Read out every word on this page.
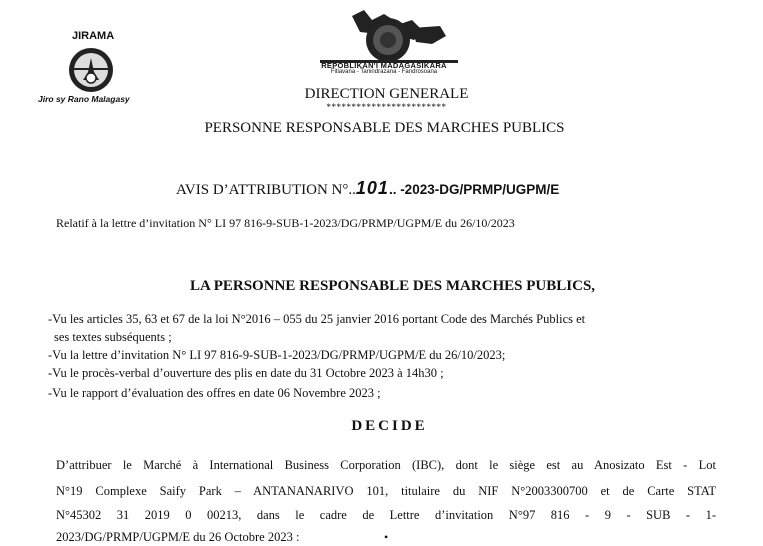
JIRAMA
Jiro sy Rano Malagasy
REPOBLIKAN'I MADAGASIKARA
Fitiavana - Tanindrazana - Fandrosoana
DIRECTION GENERALE
************************
PERSONNE RESPONSABLE DES MARCHES PUBLICS
AVIS D’ATTRIBUTION N°..101.. -2023-DG/PRMP/UGPM/E
Relatif à la lettre d’invitation N° LI 97 816-9-SUB-1-2023/DG/PRMP/UGPM/E du 26/10/2023
LA PERSONNE RESPONSABLE DES MARCHES PUBLICS,
-Vu les articles 35, 63 et 67 de la loi N°2016 – 055 du 25 janvier 2016 portant Code des Marchés Publics et
ses textes subséquents ;
-Vu la lettre d’invitation N° LI 97 816-9-SUB-1-2023/DG/PRMP/UGPM/E du 26/10/2023;
-Vu le procès-verbal d’ouverture des plis en date du 31 Octobre 2023 à 14h30 ;
-Vu le rapport d’évaluation des offres en date 06 Novembre 2023 ;
DECIDE
D’attribuer le Marché à International Business Corporation (IBC), dont le siège est au Anosizato Est - Lot
N°19 Complexe Saify Park – ANTANANARIVO 101, titulaire du NIF N°2003300700 et de Carte STAT
N°45302 31 2019 0 00213, dans le cadre de Lettre d’invitation N°97 816 - 9 - SUB - 1-
2023/DG/PRMP/UGPM/E du 26 Octobre 2023 :	•
